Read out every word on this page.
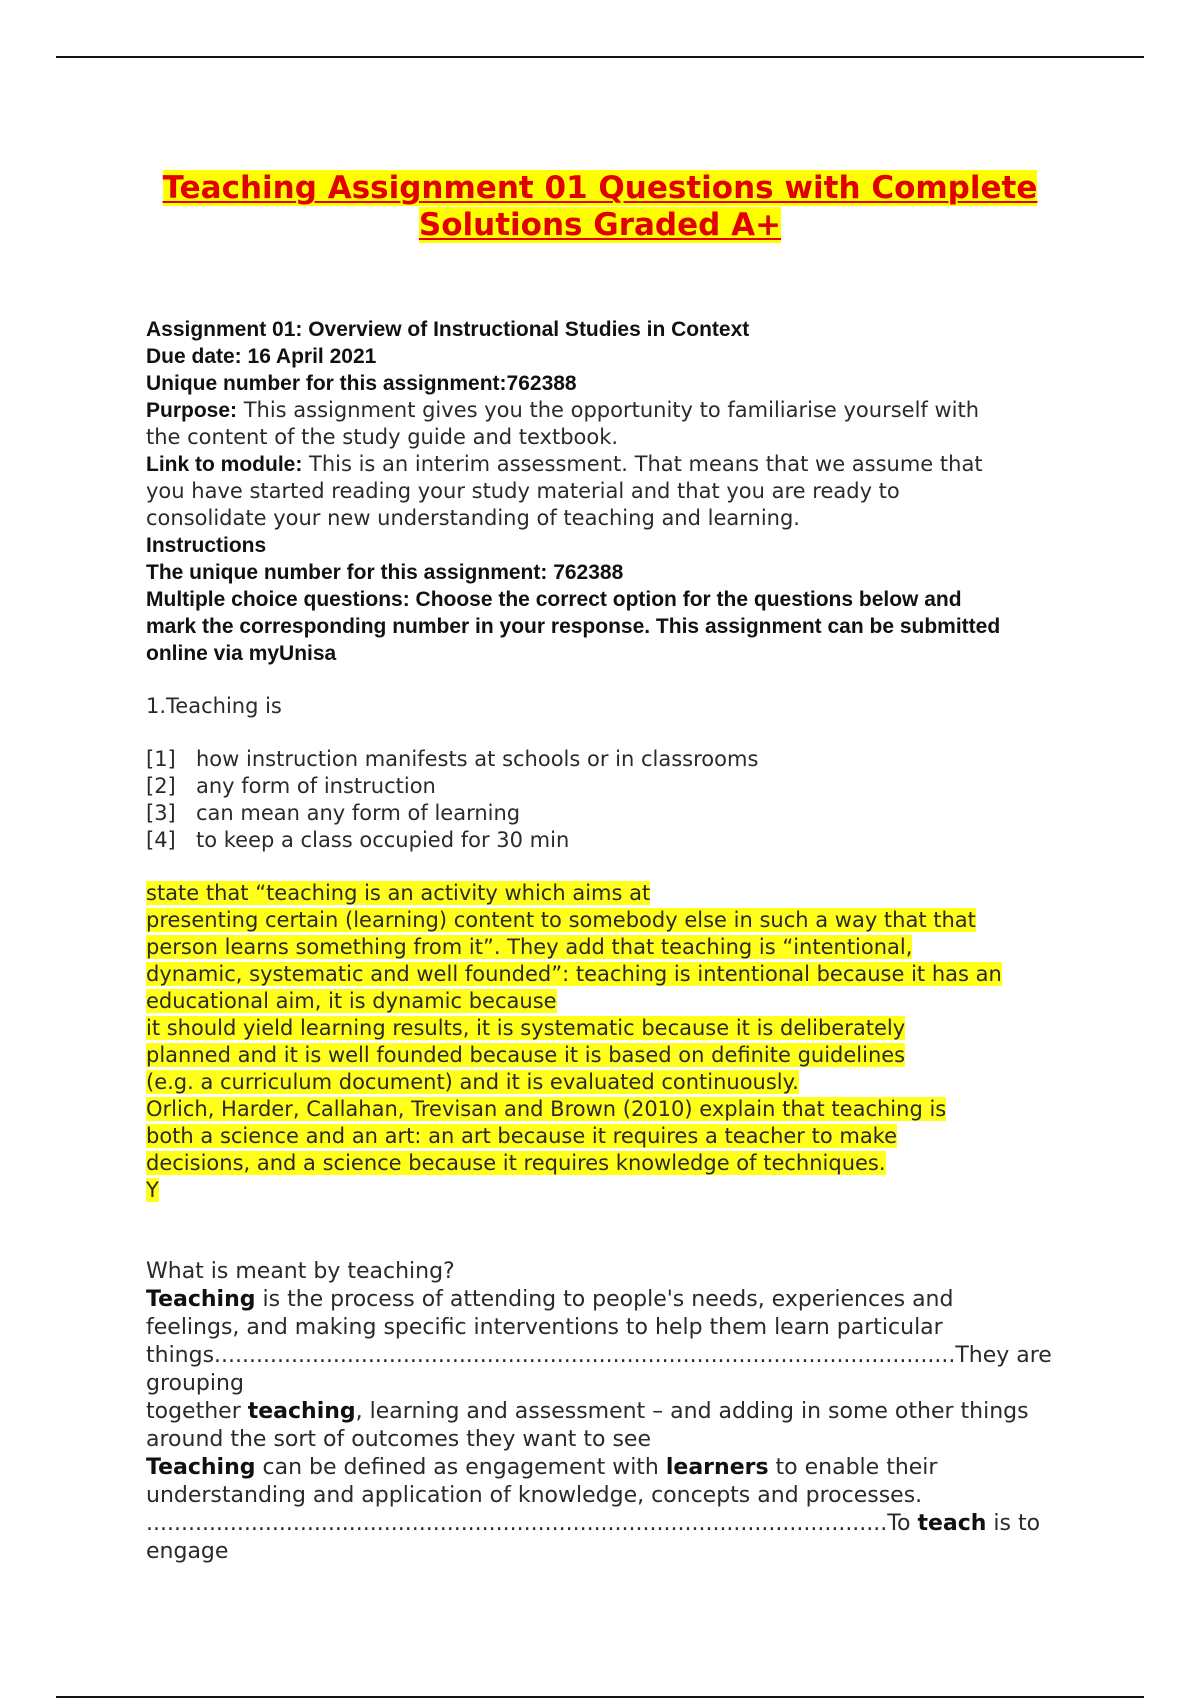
Teaching Assignment 01 Questions with Complete
Solutions Graded A+
Assignment 01: Overview of Instructional Studies in Context
Due date: 16 April 2021
Unique number for this assignment:762388
Purpose: This assignment gives you the opportunity to familiarise yourself with
the content of the study guide and textbook.
Link to module: This is an interim assessment. That means that we assume that
you have started reading your study material and that you are ready to
consolidate your new understanding of teaching and learning.
Instructions
The unique number for this assignment: 762388
Multiple choice questions: Choose the correct option for the questions below and
mark the corresponding number in your response. This assignment can be submitted
online via myUnisa
1.Teaching is
[1] how instruction manifests at schools or in classrooms
[2] any form of instruction
[3] can mean any form of learning
[4] to keep a class occupied for 30 min
state that “teaching is an activity which aims at
presenting certain (learning) content to somebody else in such a way that that
person learns something from it”. They add that teaching is “intentional,
dynamic, systematic and well founded”: teaching is intentional because it has an
educational aim, it is dynamic because
it should yield learning results, it is systematic because it is deliberately
planned and it is well founded because it is based on definite guidelines
(e.g. a curriculum document) and it is evaluated continuously.
Orlich, Harder, Callahan, Trevisan and Brown (2010) explain that teaching is
both a science and an art: an art because it requires a teacher to make
decisions, and a science because it requires knowledge of techniques.
Y
What is meant by teaching?
Teaching is the process of attending to people's needs, experiences and
feelings, and making specific interventions to help them learn particular
things..........................................................................................................They are
grouping
together teaching, learning and assessment – and adding in some other things
around the sort of outcomes they want to see
Teaching can be defined as engagement with learners to enable their
understanding and application of knowledge, concepts and processes.
..........................................................................................................To teach is to engage
